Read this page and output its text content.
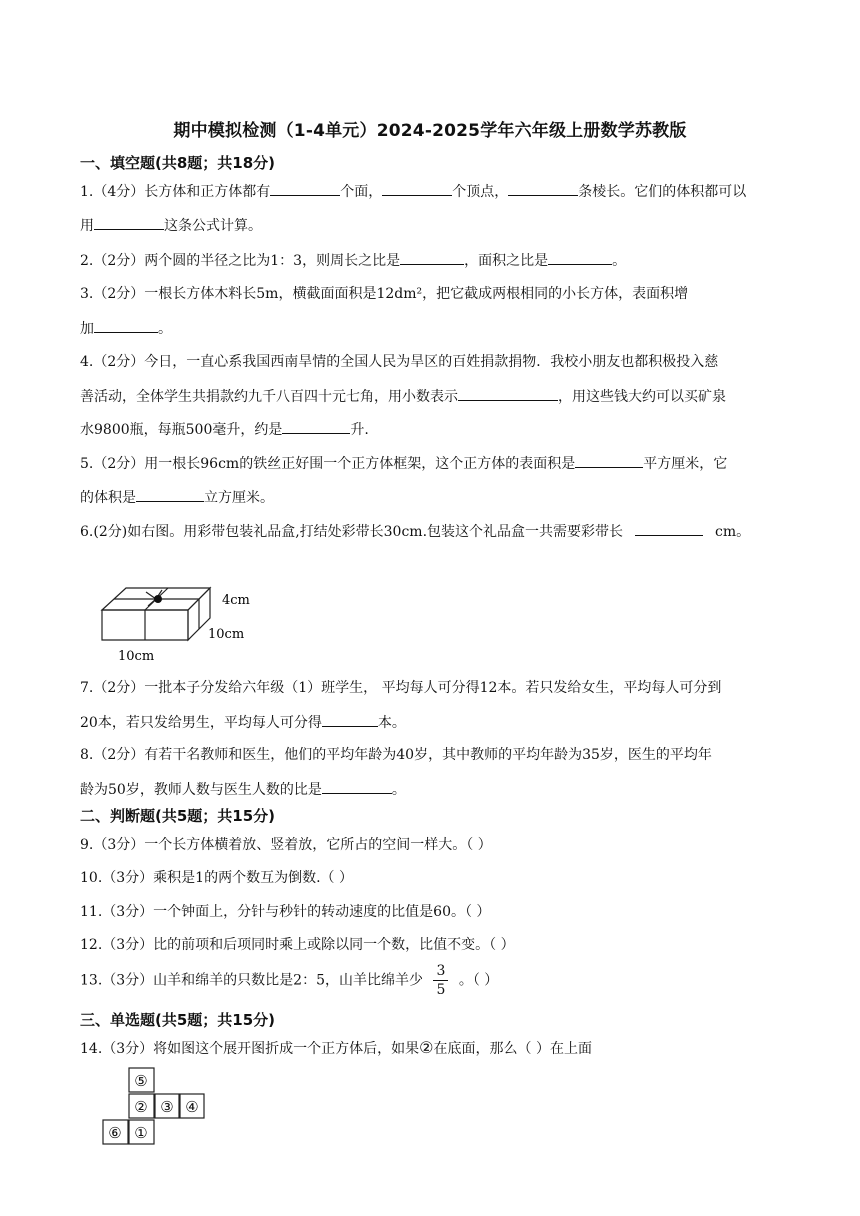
期中模拟检测（1-4单元）2024-2025学年六年级上册数学苏教版
一、填空题(共8题；共18分)
1.（4分）长方体和正方体都有	个面，	个顶点，	条棱长。它们的体积都可以
用	这条公式计算。
2.（2分）两个圆的半径之比为1：3，则周长之比是	，面积之比是	。
3.（2分）一根长方体木料长5m，横截面面积是12dm²，把它截成两根相同的小长方体，表面积增
加	。
4.（2分）今日，一直心系我国西南旱情的全国人民为旱区的百姓捐款捐物．我校小朋友也都积极投入慈
善活动，全体学生共捐款约九千八百四十元七角，用小数表示	，用这些钱大约可以买矿泉
水9800瓶，每瓶500毫升，约是	升.
5.（2分）用一根长96cm的铁丝正好围一个正方体框架，这个正方体的表面积是	平方厘米，它
的体积是	立方厘米。
6.(2分)如右图。用彩带包装礼品盒,打结处彩带长30cm.包装这个礼品盒一共需要彩带长	cm。
4cm
10cm
10cm
7.（2分）一批本子分发给六年级（1）班学生， 平均每人可分得12本。若只发给女生，平均每人可分到
20本，若只发给男生，平均每人可分得	本。
8.（2分）有若干名教师和医生，他们的平均年龄为40岁，其中教师的平均年龄为35岁，医生的平均年
龄为50岁，教师人数与医生人数的比是	。
二、判断题(共5题；共15分)
9.（3分）一个长方体横着放、竖着放，它所占的空间一样大。（ ）
10.（3分）乘积是1的两个数互为倒数.（ ）
11.（3分）一个钟面上，分针与秒针的转动速度的比值是60。（ ）
12.（3分）比的前项和后项同时乘上或除以同一个数，比值不变。（ ）
13.（3分）山羊和绵羊的只数比是2：5，山羊比绵羊少 $\frac{3}{5}$ 。（ ）
三、单选题(共5题；共15分)
14.（3分）将如图这个展开图折成一个正方体后，如果②在底面，那么（ ）在上面
⑤
② ③ ④
⑥ ①
